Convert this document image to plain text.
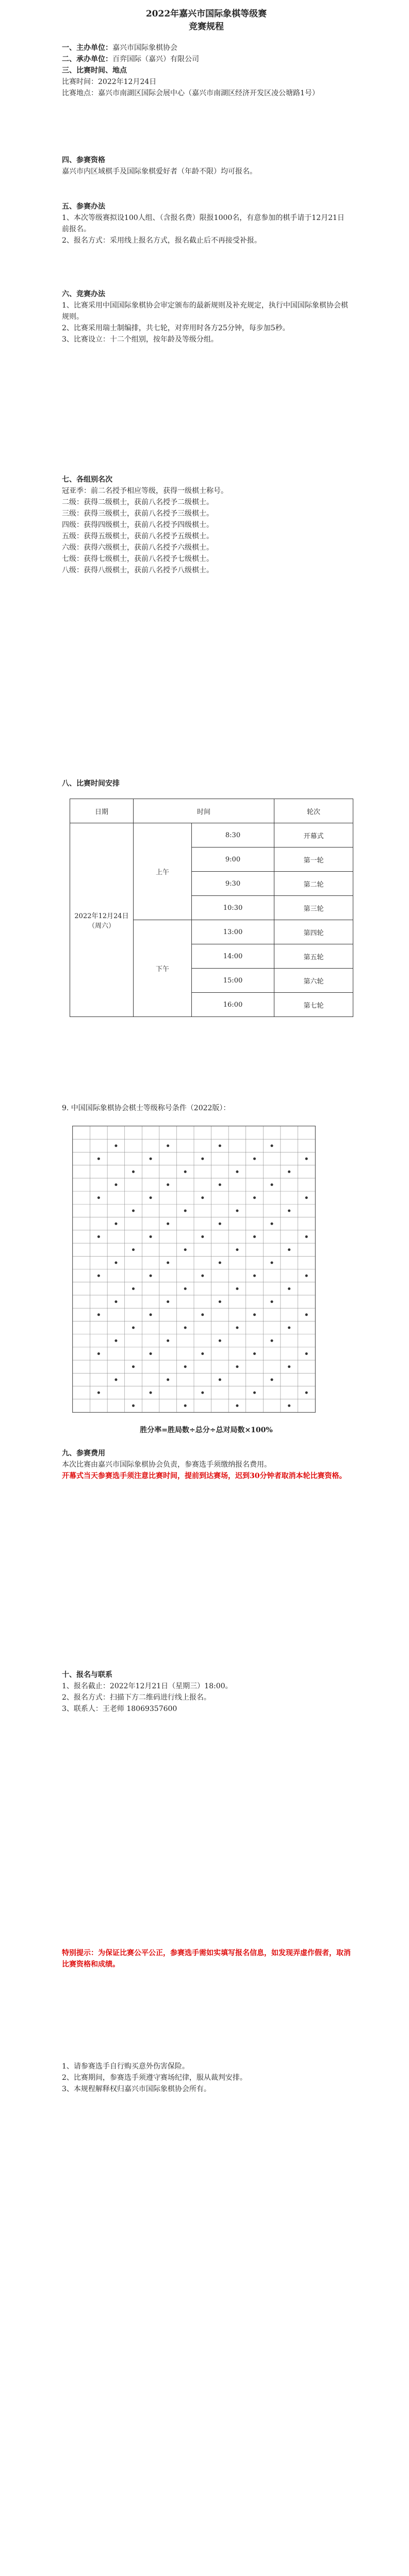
2022年嘉兴市国际象棋等级赛
竞赛规程

一、主办单位：嘉兴市国际象棋协会

二、承办单位：百弈国际（嘉兴）有限公司

三、比赛时间、地点

比赛时间：2022年12月24日

比赛地点：嘉兴市南湖区国际会展中心（嘉兴市南湖区经济开发区凌公塘路1号）

四、参赛资格

嘉兴市内区域棋手及国际象棋爱好者（年龄不限）均可报名。

五、参赛办法

1、本次等级赛拟设100人组、（含报名费）限报1000名，有意参加的棋手请于12月21日前报名。

2、报名方式：采用线上报名方式，报名截止后不再接受补报。

六、竞赛办法

1、比赛采用中国国际象棋协会审定颁布的最新规则及补充规定，执行中国国际象棋协会棋规则。

2、比赛采用瑞士制编排，共七轮，对弈用时各方25分钟，每步加5秒。

3、比赛设立：十二个组别，按年龄及等级分组。

七、各组别名次

冠亚季：前二名授予相应等级，获得一级棋士称号。

二级：获得二级棋士，获前八名授予二级棋士。

三级：获得三级棋士，获前八名授予三级棋士。

四级：获得四级棋士，获前八名授予四级棋士。

五级：获得五级棋士，获前八名授予五级棋士。

六级：获得六级棋士，获前八名授予六级棋士。

七级：获得七级棋士，获前八名授予七级棋士。

八级：获得八级棋士，获前八名授予八级棋士。

八、比赛时间安排

日期	时间		轮次
2022年12月24日（周六）	上午	8:30	开幕式
		9:00	第一轮
		9:30	第二轮
		10:30	第三轮
	下午	13:00	第四轮
		14:00	第五轮
		15:00	第六轮
		16:00	第七轮

9. 中国国际象棋协会棋士等级称号条件（2022版）：

胜分率=胜局数÷总分÷总对局数×100%

九、参赛费用

本次比赛由嘉兴市国际象棋协会负责，参赛选手须缴纳报名费用。

开幕式当天参赛选手须注意比赛时间，提前到达赛场，迟到30分钟者取消本轮比赛资格。

十、报名与联系

1、报名截止：2022年12月21日（星期三）18:00。

2、报名方式：扫描下方二维码进行线上报名。

3、联系人：王老师 18069357600

特别提示：为保证比赛公平公正，参赛选手需如实填写报名信息，如发现弄虚作假者，取消比赛资格和成绩。

1、请参赛选手自行购买意外伤害保险。

2、比赛期间，参赛选手须遵守赛场纪律，服从裁判安排。

3、本规程解释权归嘉兴市国际象棋协会所有。
